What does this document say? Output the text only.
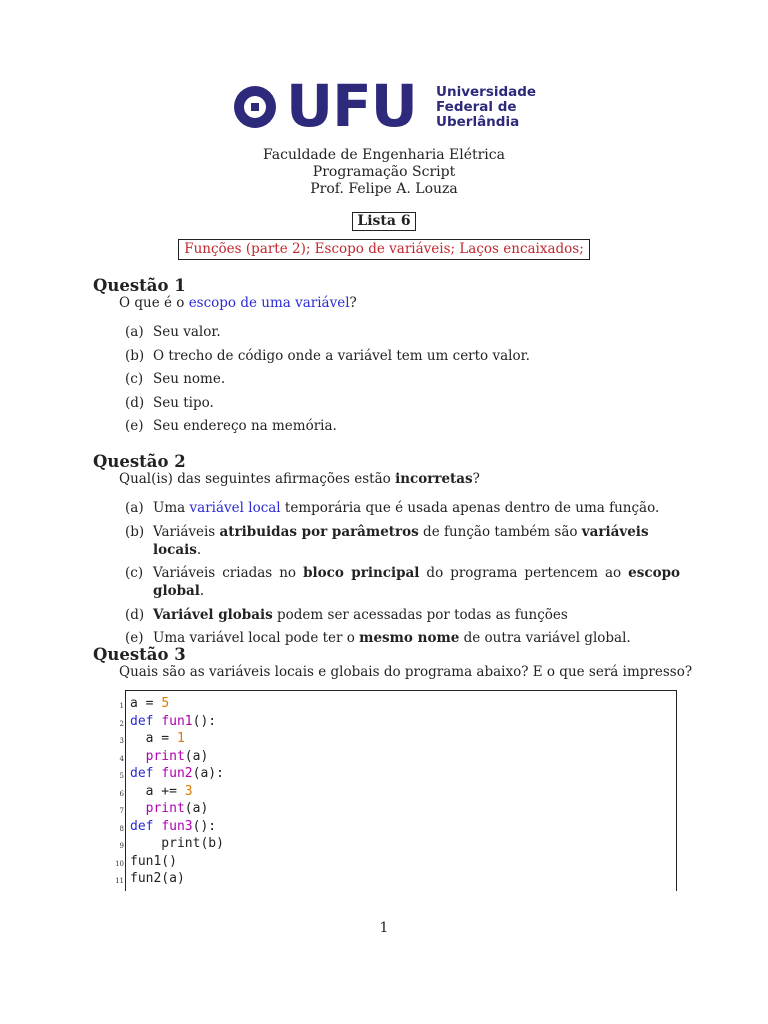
UFU Universidade
Federal de
Uberlândia
Faculdade de Engenharia Elétrica
Programação Script
Prof. Felipe A. Louza
Lista 6
Funções (parte 2); Escopo de variáveis; Laços encaixados;
Questão 1
O que é o escopo de uma variável?
(a) Seu valor.
(b) O trecho de código onde a variável tem um certo valor.
(c) Seu nome.
(d) Seu tipo.
(e) Seu endereço na memória.
Questão 2
Qual(is) das seguintes afirmações estão incorretas?
(a) Uma variável local temporária que é usada apenas dentro de uma função.
(b) Variáveis atribuidas por parâmetros de função também são variáveis locais.
(c) Variáveis criadas no bloco principal do programa pertencem ao escopo global.
(d) Variável globais podem ser acessadas por todas as funções
(e) Uma variável local pode ter o mesmo nome de outra variável global.
Questão 3
Quais são as variáveis locais e globais do programa abaixo? E o que será impresso?
1 a = 5
2 def fun1():
3 a = 1
4	print(a)
5 def fun2(a):
6 a += 3
7	print(a)
8 def fun3():
9 print(b)
10 fun1()
11 fun2(a)
1
